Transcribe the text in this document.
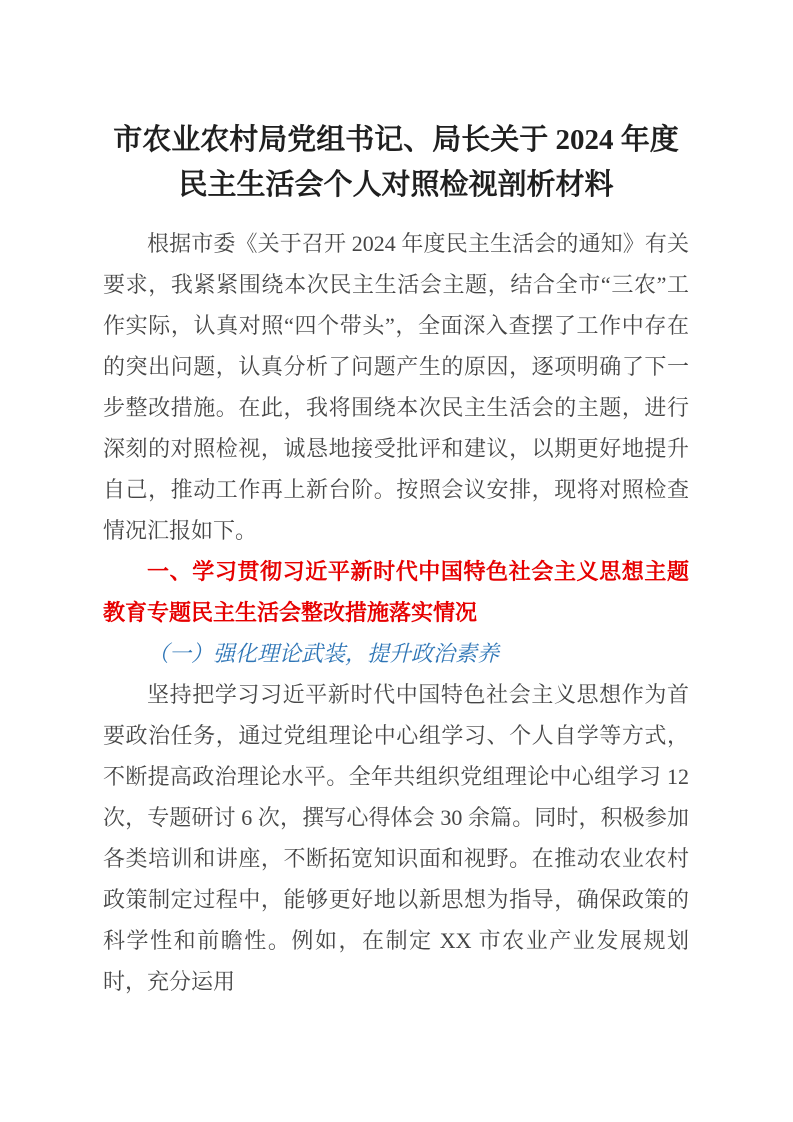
市农业农村局党组书记、局长关于 2024 年度民主生活会个人对照检视剖析材料

根据市委《关于召开 2024 年度民主生活会的通知》有关要求，我紧紧围绕本次民主生活会主题，结合全市“三农”工作实际，认真对照“四个带头”，全面深入查摆了工作中存在的突出问题，认真分析了问题产生的原因，逐项明确了下一步整改措施。在此，我将围绕本次民主生活会的主题，进行深刻的对照检视，诚恳地接受批评和建议，以期更好地提升自己，推动工作再上新台阶。按照会议安排，现将对照检查情况汇报如下。

一、学习贯彻习近平新时代中国特色社会主义思想主题教育专题民主生活会整改措施落实情况

（一）强化理论武装，提升政治素养

坚持把学习习近平新时代中国特色社会主义思想作为首要政治任务，通过党组理论中心组学习、个人自学等方式，不断提高政治理论水平。全年共组织党组理论中心组学习 12 次，专题研讨 6 次，撰写心得体会 30 余篇。同时，积极参加各类培训和讲座，不断拓宽知识面和视野。在推动农业农村政策制定过程中，能够更好地以新思想为指导，确保政策的科学性和前瞻性。例如，在制定 XX 市农业产业发展规划时，充分运用
